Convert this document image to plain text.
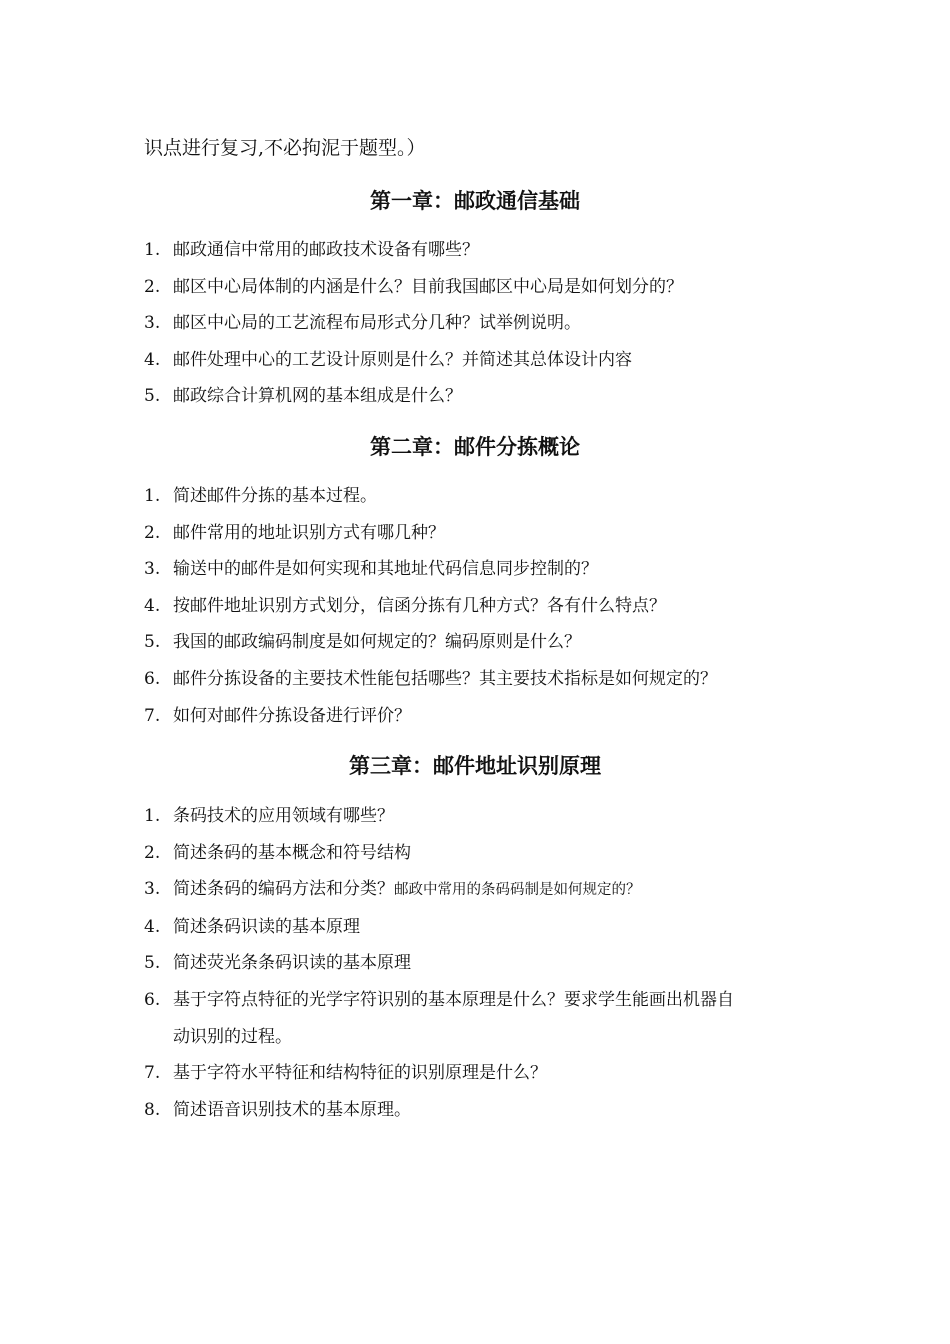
识点进行复习,不必拘泥于题型。）
第一章：邮政通信基础
1. 邮政通信中常用的邮政技术设备有哪些？
2. 邮区中心局体制的内涵是什么？目前我国邮区中心局是如何划分的？
3. 邮区中心局的工艺流程布局形式分几种？试举例说明。
4. 邮件处理中心的工艺设计原则是什么？并简述其总体设计内容
5. 邮政综合计算机网的基本组成是什么？
第二章：邮件分拣概论
1. 简述邮件分拣的基本过程。
2. 邮件常用的地址识别方式有哪几种？
3. 输送中的邮件是如何实现和其地址代码信息同步控制的？
4. 按邮件地址识别方式划分，信函分拣有几种方式？各有什么特点？
5. 我国的邮政编码制度是如何规定的？编码原则是什么？
6. 邮件分拣设备的主要技术性能包括哪些？其主要技术指标是如何规定的？
7. 如何对邮件分拣设备进行评价？
第三章：邮件地址识别原理
1. 条码技术的应用领域有哪些？
2. 简述条码的基本概念和符号结构
3. 简述条码的编码方法和分类？邮政中常用的条码码制是如何规定的？
4. 简述条码识读的基本原理
5. 简述荧光条条码识读的基本原理
6. 基于字符点特征的光学字符识别的基本原理是什么？要求学生能画出机器自
动识别的过程。
7. 基于字符水平特征和结构特征的识别原理是什么？
8. 简述语音识别技术的基本原理。
